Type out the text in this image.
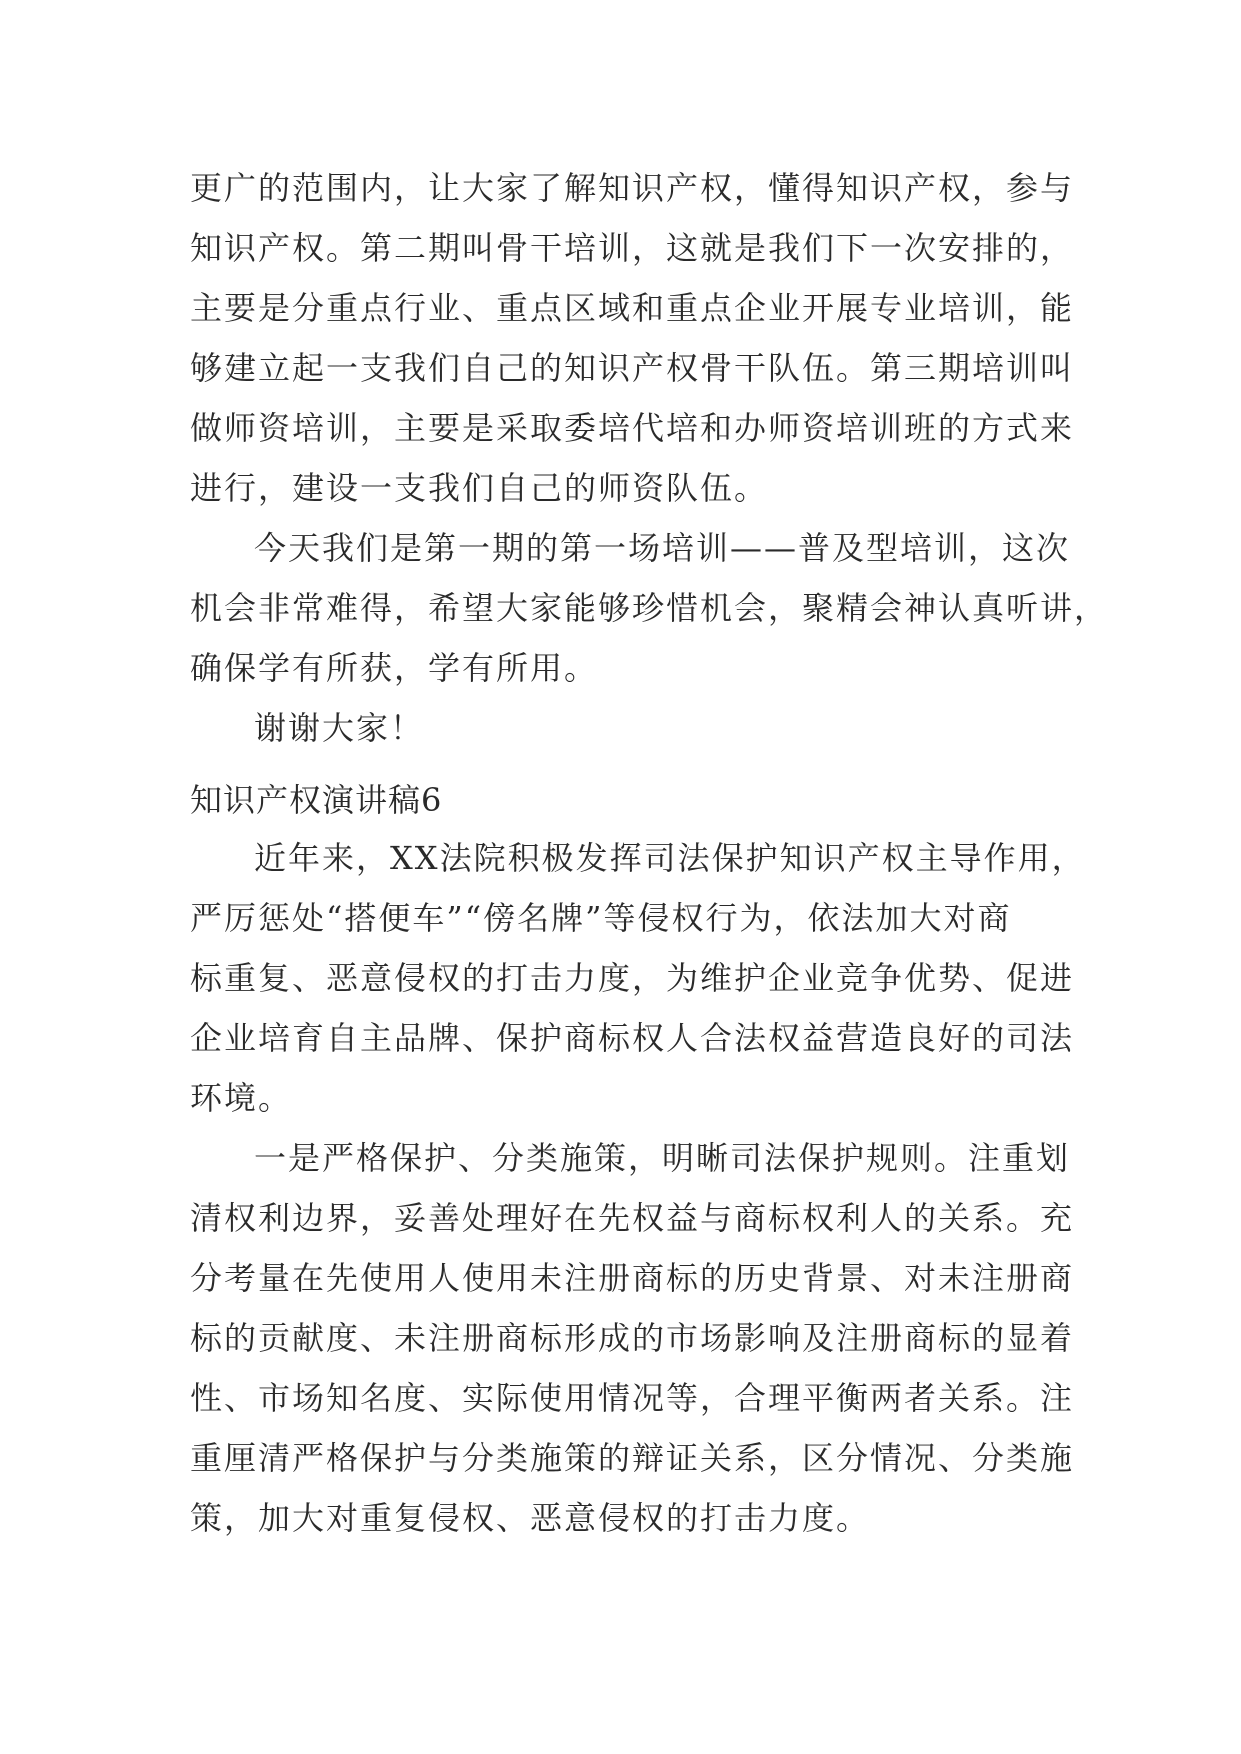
更广的范围内，让大家了解知识产权，懂得知识产权，参与
知识产权。第二期叫骨干培训，这就是我们下一次安排的，
主要是分重点行业、重点区域和重点企业开展专业培训，能
够建立起一支我们自己的知识产权骨干队伍。第三期培训叫
做师资培训，主要是采取委培代培和办师资培训班的方式来
进行，建设一支我们自己的师资队伍。
今天我们是第一期的第一场培训——普及型培训，这次
机会非常难得，希望大家能够珍惜机会，聚精会神认真听讲，
确保学有所获，学有所用。
谢谢大家！
知识产权演讲稿6
近年来，XX法院积极发挥司法保护知识产权主导作用，
严厉惩处“搭便车”“傍名牌”等侵权行为，依法加大对商
标重复、恶意侵权的打击力度，为维护企业竞争优势、促进
企业培育自主品牌、保护商标权人合法权益营造良好的司法
环境。
一是严格保护、分类施策，明晰司法保护规则。注重划
清权利边界，妥善处理好在先权益与商标权利人的关系。充
分考量在先使用人使用未注册商标的历史背景、对未注册商
标的贡献度、未注册商标形成的市场影响及注册商标的显着
性、市场知名度、实际使用情况等，合理平衡两者关系。注
重厘清严格保护与分类施策的辩证关系，区分情况、分类施
策，加大对重复侵权、恶意侵权的打击力度。
